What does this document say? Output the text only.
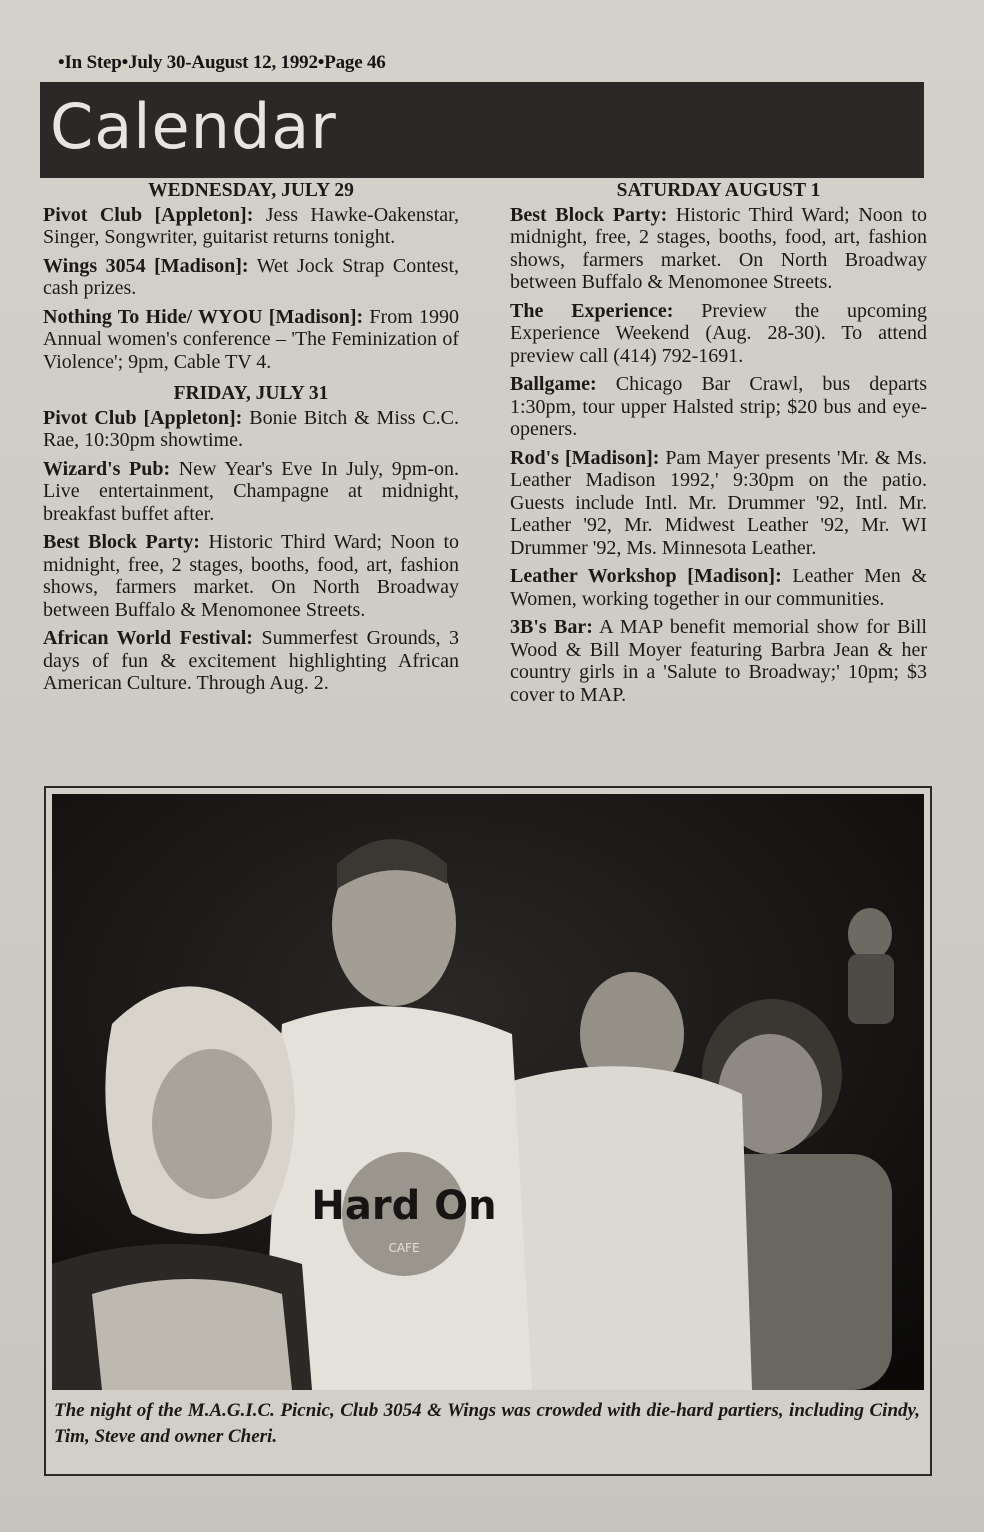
•In Step•July 30-August 12, 1992•Page 46
Calendar
WEDNESDAY, JULY 29

Pivot Club [Appleton]: Jess Hawke-Oakenstar, Singer, Songwriter, guitarist returns tonight.

Wings 3054 [Madison]: Wet Jock Strap Contest, cash prizes.

Nothing To Hide/ WYOU [Madison]: From 1990 Annual women's conference – 'The Feminization of Violence'; 9pm, Cable TV 4.

FRIDAY, JULY 31

Pivot Club [Appleton]: Bonie Bitch & Miss C.C. Rae, 10:30pm showtime.

Wizard's Pub: New Year's Eve In July, 9pm-on. Live entertainment, Champagne at midnight, breakfast buffet after.

Best Block Party: Historic Third Ward; Noon to midnight, free, 2 stages, booths, food, art, fashion shows, farmers market. On North Broadway between Buffalo & Menomonee Streets.

African World Festival: Summerfest Grounds, 3 days of fun & excitement highlighting African American Culture. Through Aug. 2.

SATURDAY AUGUST 1

Best Block Party: Historic Third Ward; Noon to midnight, free, 2 stages, booths, food, art, fashion shows, farmers market. On North Broadway between Buffalo & Menomonee Streets.

The Experience: Preview the upcoming Experience Weekend (Aug. 28-30). To attend preview call (414) 792-1691.

Ballgame: Chicago Bar Crawl, bus departs 1:30pm, tour upper Halsted strip; $20 bus and eye-openers.

Rod's [Madison]: Pam Mayer presents 'Mr. & Ms. Leather Madison 1992,' 9:30pm on the patio. Guests include Intl. Mr. Drummer '92, Intl. Mr. Leather '92, Mr. Midwest Leather '92, Mr. WI Drummer '92, Ms. Minnesota Leather.

Leather Workshop [Madison]: Leather Men & Women, working together in our communities.

3B's Bar: A MAP benefit memorial show for Bill Wood & Bill Moyer featuring Barbra Jean & her country girls in a 'Salute to Broadway;' 10pm; $3 cover to MAP.

Hard On
CAFE
The night of the M.A.G.I.C. Picnic, Club 3054 & Wings was crowded with die-hard partiers, including Cindy, Tim, Steve and owner Cheri.
